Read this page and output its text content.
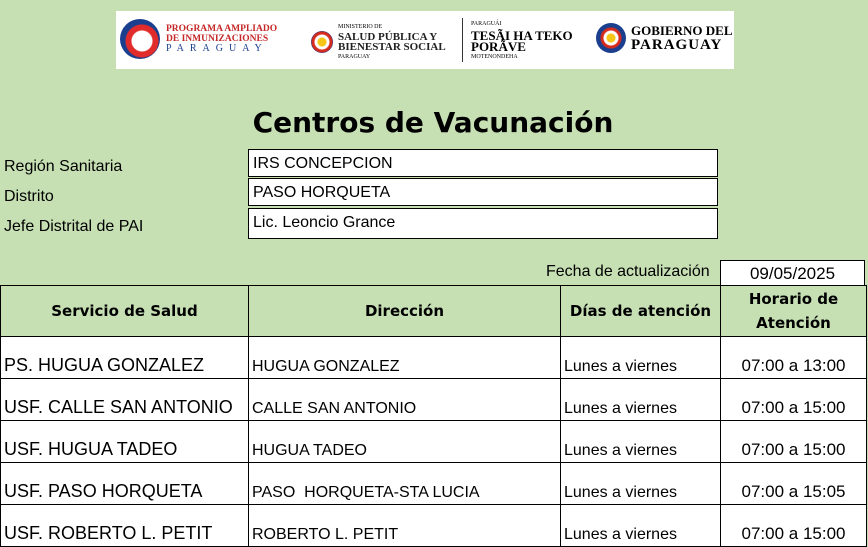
PROGRAMA AMPLIADO
DE INMUNIZACIONES
PARAGUAY
MINISTERIO DE
SALUD PÚBLICA Y
BIENESTAR SOCIAL
PARAGUAY
PARAGUÁI
TESÃI HA TEKO
PORÃVE
MOTENONDEHA
GOBIERNO DEL
PARAGUAY
Centros de Vacunación
Región Sanitaria	IRS CONCEPCION
Distrito	PASO HORQUETA
Jefe Distrital de PAI	Lic. Leoncio Grance
Fecha de actualización	09/05/2025
Servicio de Salud	Dirección	Días de atención	Horario de Atención
PS. HUGUA GONZALEZ	HUGUA GONZALEZ	Lunes a viernes	07:00 a 13:00
USF. CALLE SAN ANTONIO	CALLE SAN ANTONIO	Lunes a viernes	07:00 a 15:00
USF. HUGUA TADEO	HUGUA TADEO	Lunes a viernes	07:00 a 15:00
USF. PASO HORQUETA	PASO  HORQUETA-STA LUCIA	Lunes a viernes	07:00 a 15:05
USF. ROBERTO L. PETIT	ROBERTO L. PETIT	Lunes a viernes	07:00 a 15:00
